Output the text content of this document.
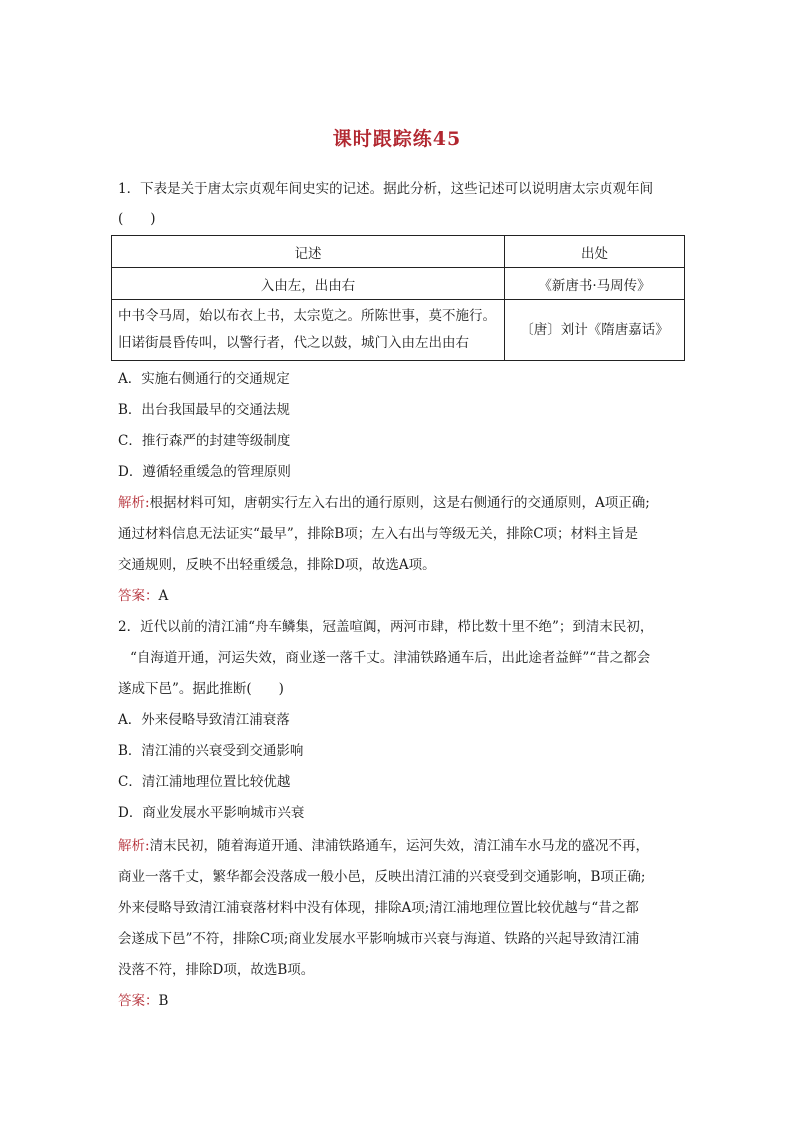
课时跟踪练45
1．下表是关于唐太宗贞观年间史实的记述。据此分析，这些记述可以说明唐太宗贞观年间
(　　)
记述	出处
入由左，出由右	《新唐书·马周传》
中书令马周，始以布衣上书，太宗览之。所陈世事，莫不施行。
旧诺街晨昏传叫，以警行者，代之以鼓，城门入由左出由右	〔唐〕刘计《隋唐嘉话》
A．实施右侧通行的交通规定
B．出台我国最早的交通法规
C．推行森严的封建等级制度
D．遵循轻重缓急的管理原则
解析:根据材料可知，唐朝实行左入右出的通行原则，这是右侧通行的交通原则，A项正确;
通过材料信息无法证实“最早”，排除B项；左入右出与等级无关，排除C项；材料主旨是
交通规则，反映不出轻重缓急，排除D项，故选A项。
答案：A
2．近代以前的清江浦“舟车鳞集，冠盖喧阗，两河市肆，栉比数十里不绝”；到清末民初，
“自海道开通，河运失效，商业遂一落千丈。津浦铁路通车后，出此途者益鲜”“昔之都会
遂成下邑”。据此推断(　　)
A．外来侵略导致清江浦衰落
B．清江浦的兴衰受到交通影响
C．清江浦地理位置比较优越
D．商业发展水平影响城市兴衰
解析:清末民初，随着海道开通、津浦铁路通车，运河失效，清江浦车水马龙的盛况不再，
商业一落千丈，繁华都会没落成一般小邑，反映出清江浦的兴衰受到交通影响，B项正确;
外来侵略导致清江浦衰落材料中没有体现，排除A项;清江浦地理位置比较优越与“昔之都
会遂成下邑”不符，排除C项;商业发展水平影响城市兴衰与海道、铁路的兴起导致清江浦
没落不符，排除D项，故选B项。
答案：B
